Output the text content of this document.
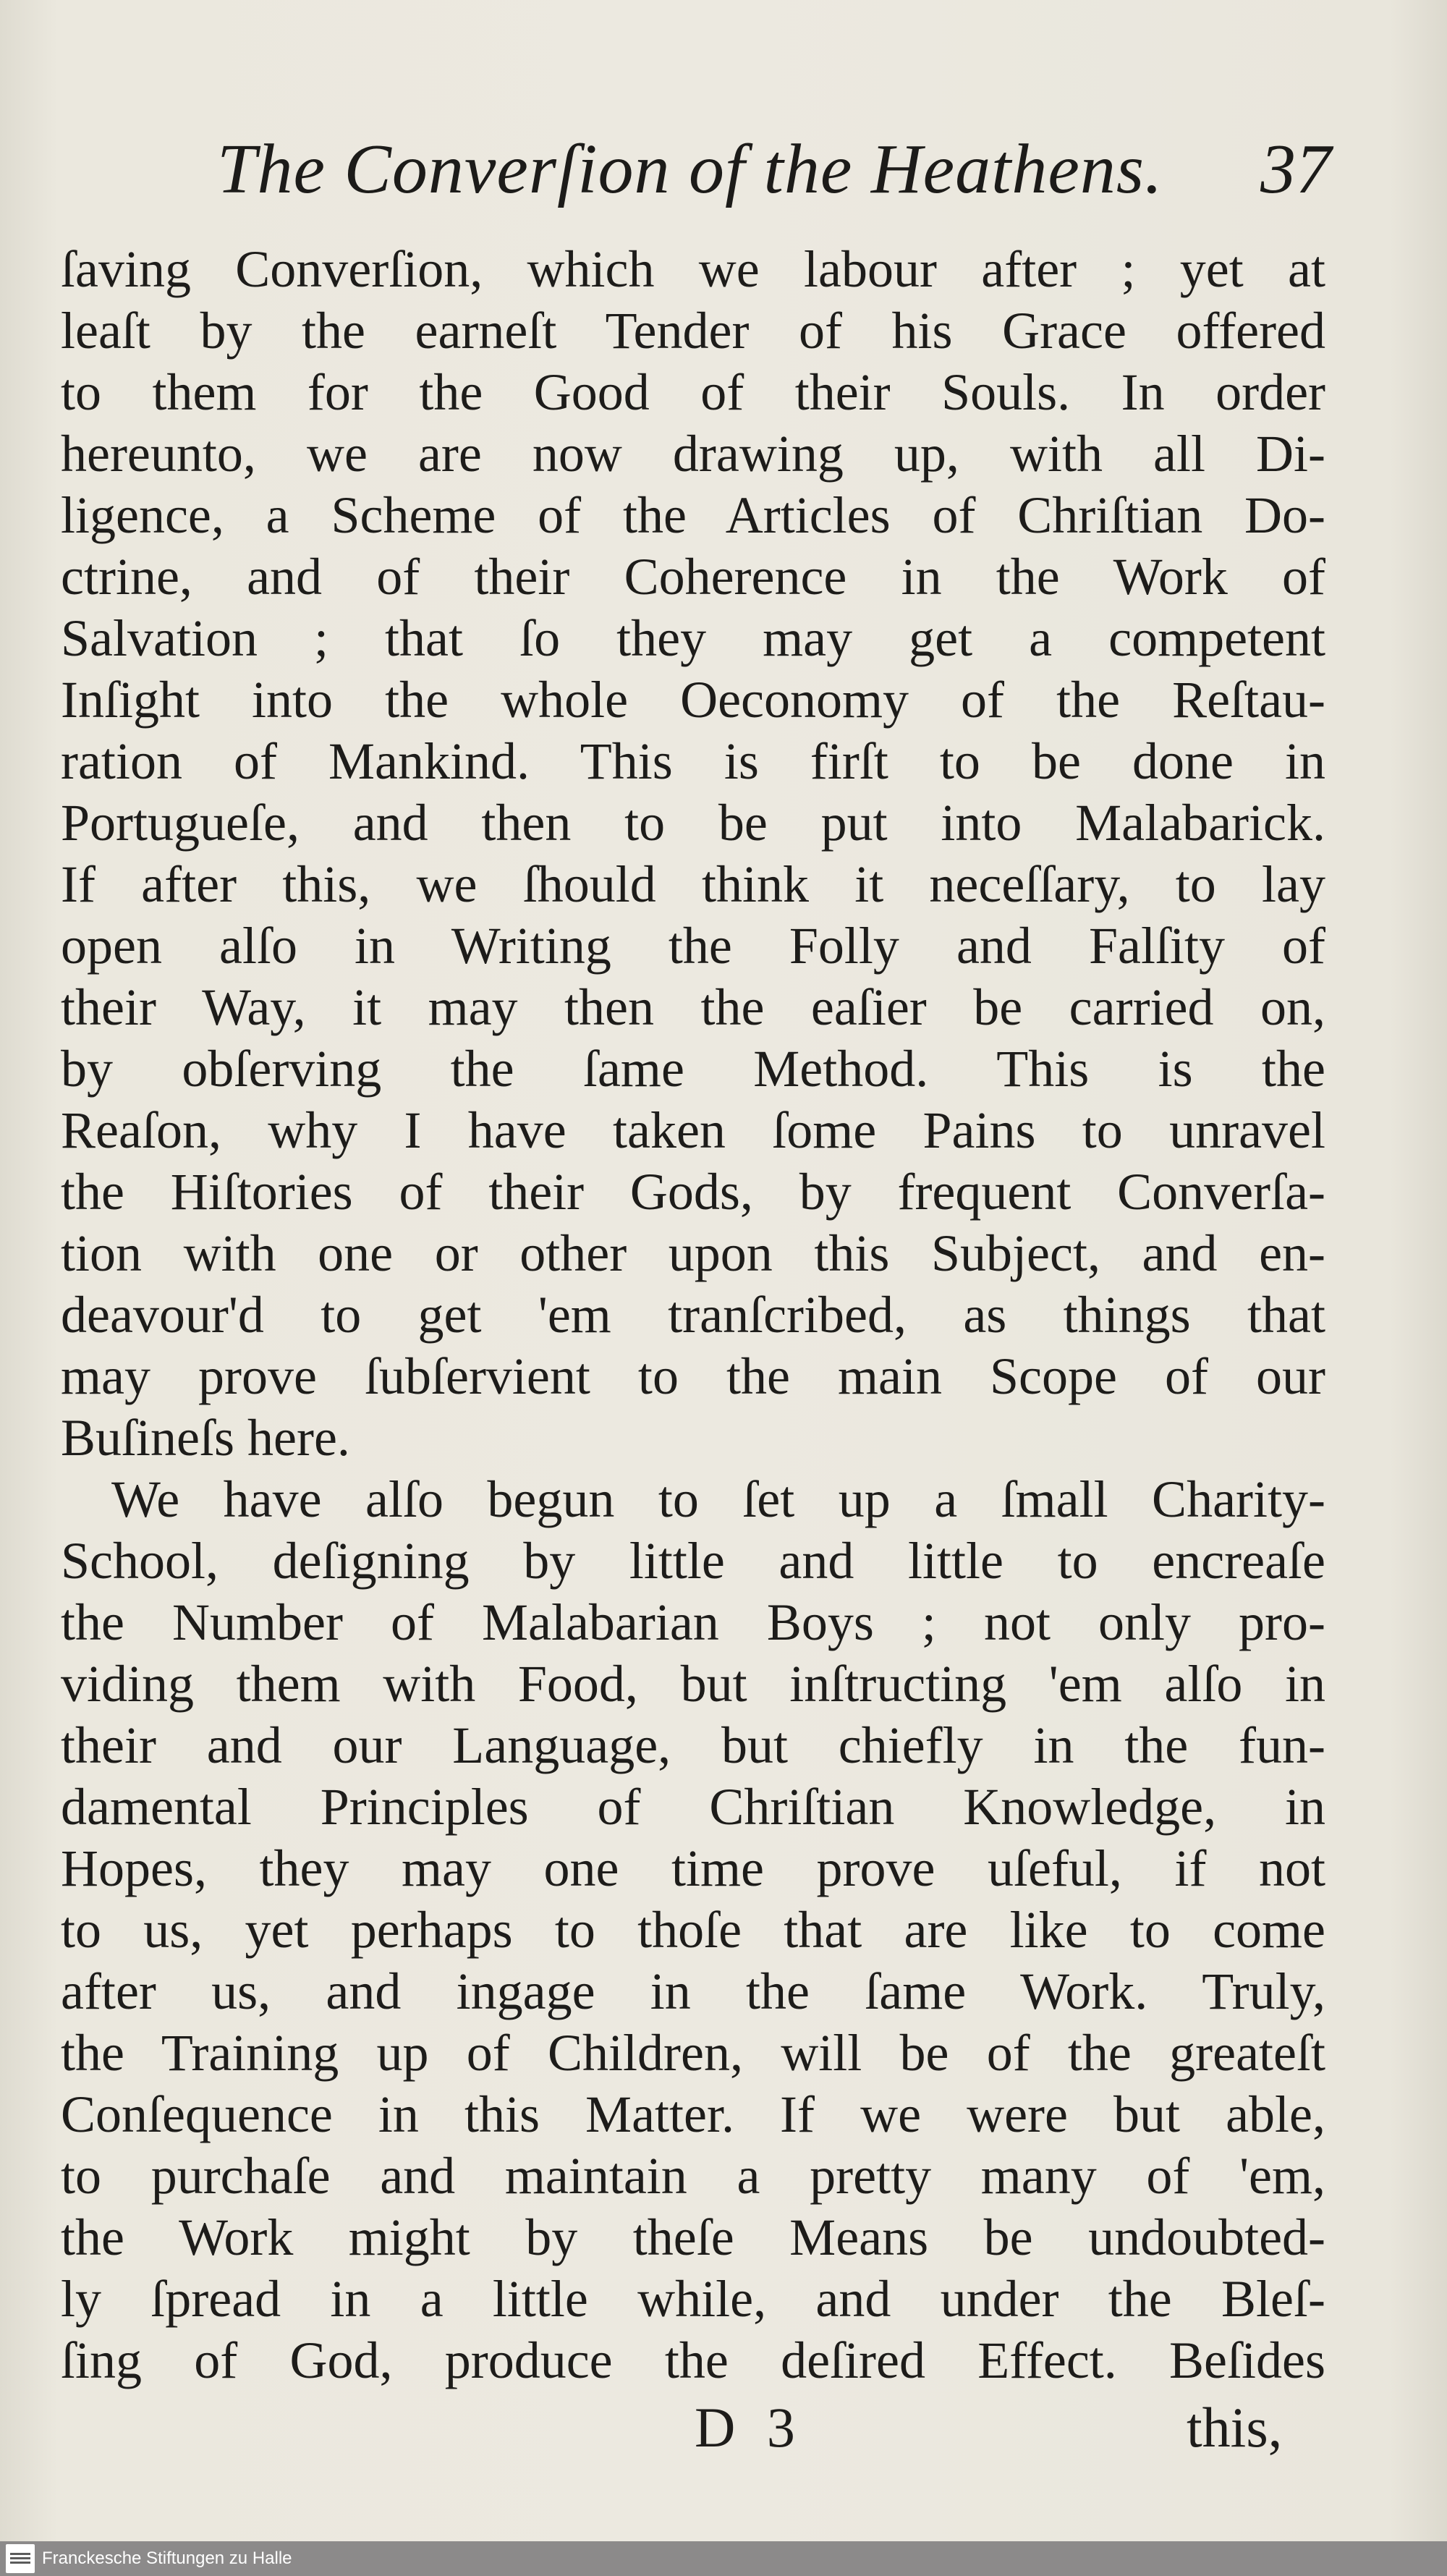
The Converſion of the Heathens. 37
ſaving Converſion, which we labour after ; yet at
leaſt by the earneſt Tender of his Grace offered
to them for the Good of their Souls. In order
hereunto, we are now drawing up, with all Di-
ligence, a Scheme of the Articles of Chriſtian Do-
ctrine, and of their Coherence in the Work of
Salvation ; that ſo they may get a competent
Inſight into the whole Oeconomy of the Reſtau-
ration of Mankind. This is firſt to be done in
Portugueſe, and then to be put into Malabarick.
If after this, we ſhould think it neceſſary, to lay
open alſo in Writing the Folly and Falſity of
their Way, it may then the eaſier be carried on,
by obſerving the ſame Method. This is the
Reaſon, why I have taken ſome Pains to unravel
the Hiſtories of their Gods, by frequent Converſa-
tion with one or other upon this Subject, and en-
deavour'd to get 'em tranſcribed, as things that
may prove ſubſervient to the main Scope of our
Buſineſs here.
We have alſo begun to ſet up a ſmall Charity-
School, deſigning by little and little to encreaſe
the Number of Malabarian Boys ; not only pro-
viding them with Food, but inſtructing 'em alſo in
their and our Language, but chiefly in the fun-
damental Principles of Chriſtian Knowledge, in
Hopes, they may one time prove uſeful, if not
to us, yet perhaps to thoſe that are like to come
after us, and ingage in the ſame Work. Truly,
the Training up of Children, will be of the greateſt
Conſequence in this Matter. If we were but able,
to purchaſe and maintain a pretty many of 'em,
the Work might by theſe Means be undoubted-
ly ſpread in a little while, and under the Bleſ-
ſing of God, produce the deſired Effect. Beſides
D 3	this,
Franckesche Stiftungen zu Halle
